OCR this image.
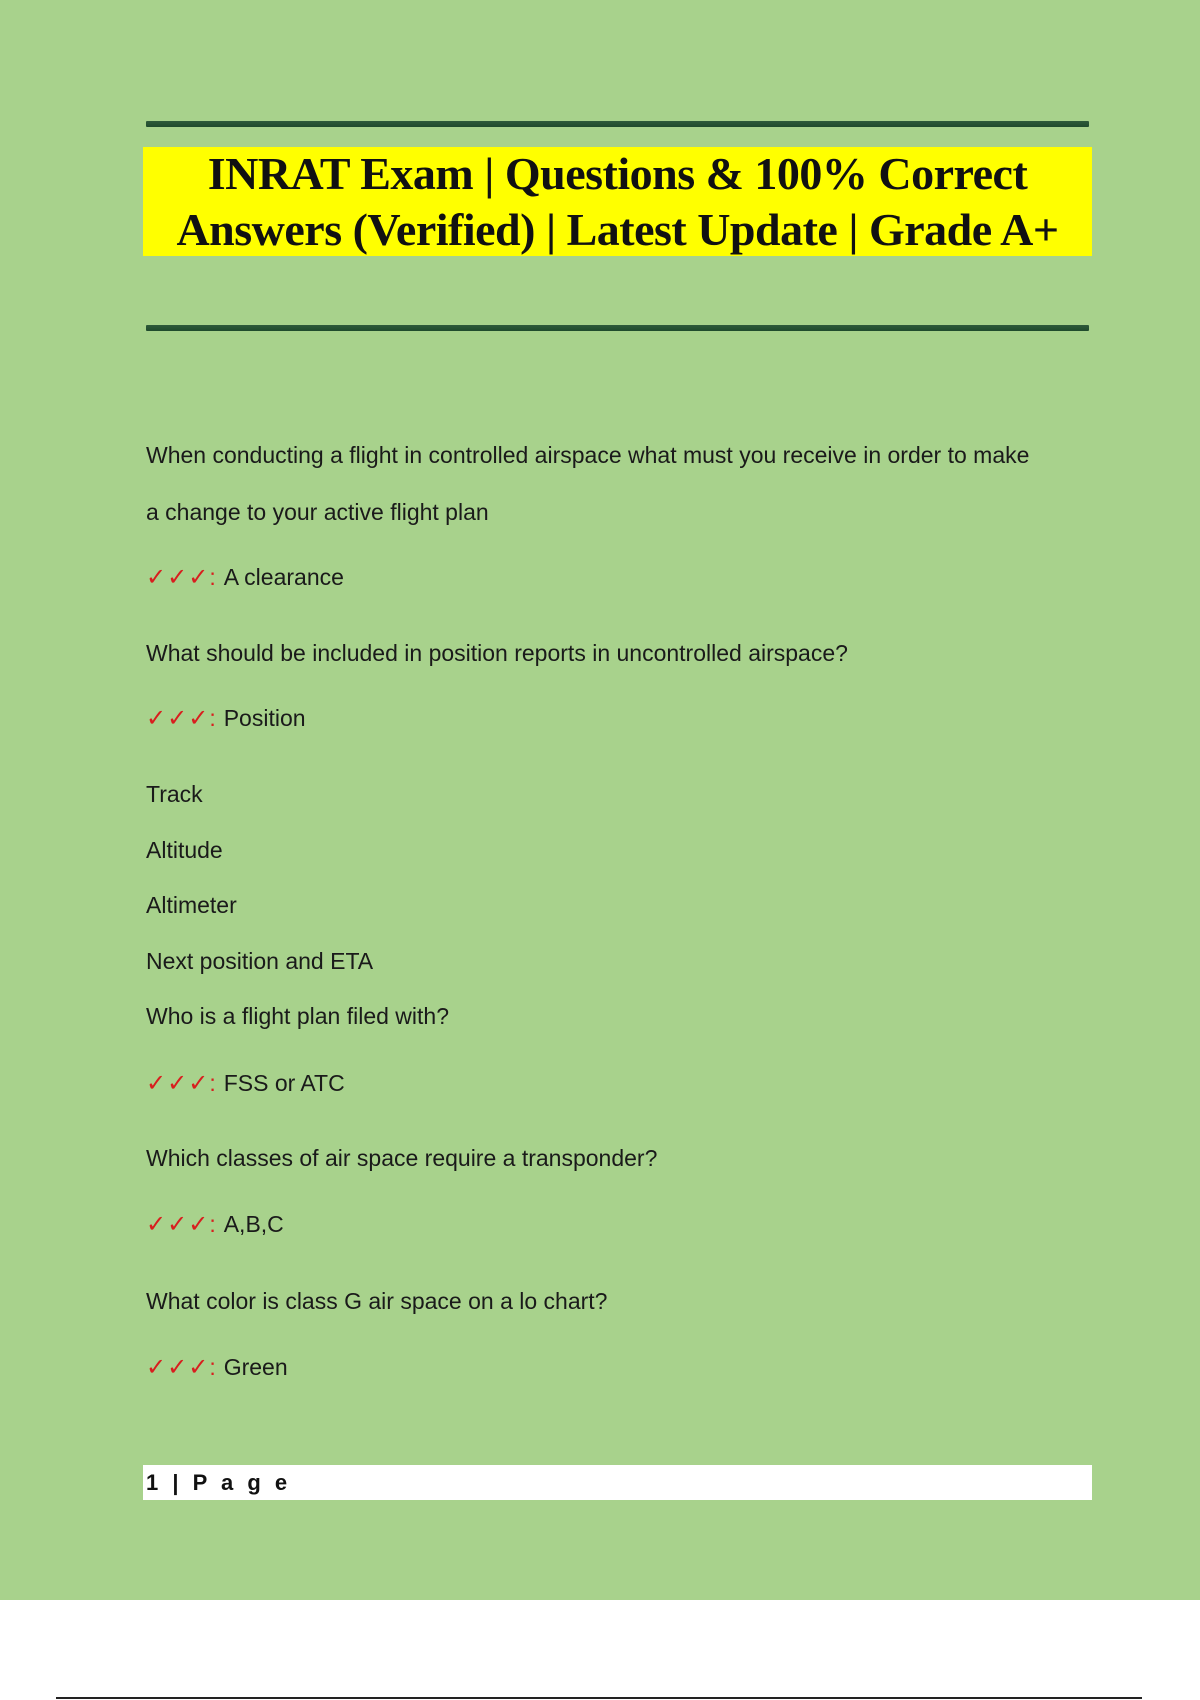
INRAT Exam | Questions & 100% Correct
Answers (Verified) | Latest Update | Grade A+
When conducting a flight in controlled airspace what must you receive in order to make
a change to your active flight plan
✓✓✓: A clearance
What should be included in position reports in uncontrolled airspace?
✓✓✓: Position
Track
Altitude
Altimeter
Next position and ETA
Who is a flight plan filed with?
✓✓✓: FSS or ATC
Which classes of air space require a transponder?
✓✓✓: A,B,C
What color is class G air space on a lo chart?
✓✓✓: Green
1 | P a g e
